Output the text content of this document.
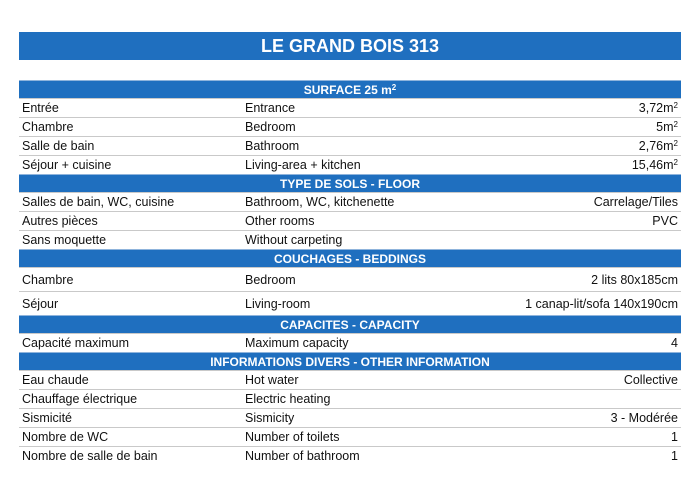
LE GRAND BOIS 313
SURFACE 25 $m^2$
Entrée	Entrance	$3,72m^2$
Chambre	Bedroom	$5m^2$
Salle de bain	Bathroom	$2,76m^2$
Séjour + cuisine	Living-area + kitchen	$15,46m^2$
TYPE DE SOLS - FLOOR
Salles de bain, WC, cuisine	Bathroom, WC, kitchenette	Carrelage/Tiles
Autres pièces	Other rooms	PVC
Sans moquette	Without carpeting
COUCHAGES - BEDDINGS
Chambre	Bedroom	2 lits 80x185cm
Séjour	Living-room	1 canap-lit/sofa 140x190cm
CAPACITES - CAPACITY
Capacité maximum	Maximum capacity	4
INFORMATIONS DIVERS - OTHER INFORMATION
Eau chaude	Hot water	Collective
Chauffage électrique	Electric heating
Sismicité	Sismicity	3 - Modérée
Nombre de WC	Number of toilets	1
Nombre de salle de bain	Number of bathroom	1
